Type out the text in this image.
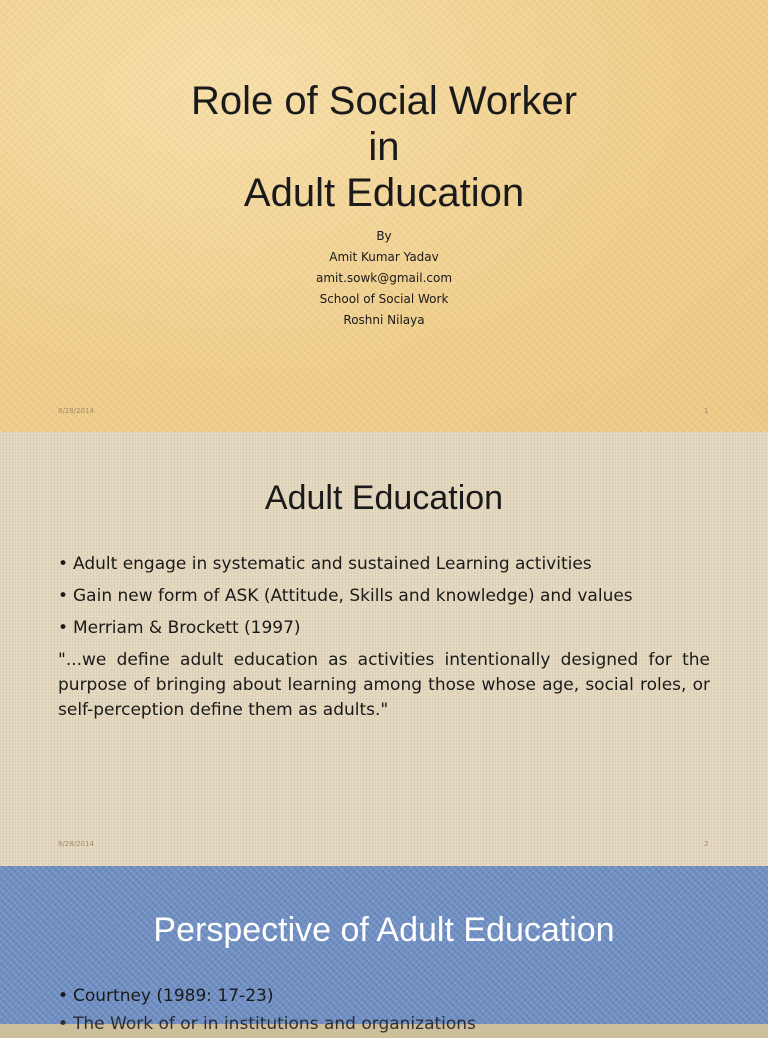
Role of Social Worker
in
Adult Education
By
Amit Kumar Yadav
amit.sowk@gmail.com
School of Social Work
Roshni Nilaya
8/28/2014	1
Adult Education
• Adult engage in systematic and sustained Learning activities
• Gain new form of ASK (Attitude, Skills and knowledge) and values
• Merriam & Brockett (1997)
"...we define adult education as activities intentionally designed for the purpose of bringing about learning among those whose age, social roles, or self-perception define them as adults."
8/28/2014	2
Perspective of Adult Education
• Courtney (1989: 17-23)
• The Work of or in institutions and organizations
